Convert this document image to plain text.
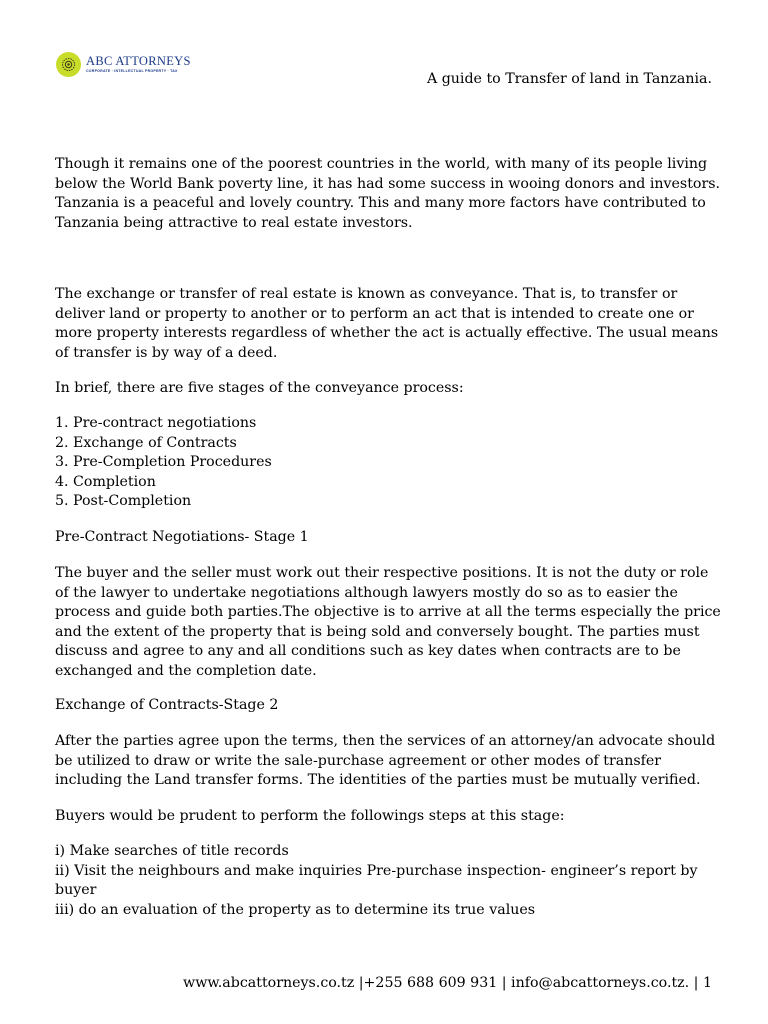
ABC ATTORNEYS
CORPORATE · INTELLECTUAL PROPERTY · TAX
A guide to Transfer of land in Tanzania.
Though it remains one of the poorest countries in the world, with many of its people living
below the World Bank poverty line, it has had some success in wooing donors and investors.
Tanzania is a peaceful and lovely country. This and many more factors have contributed to
Tanzania being attractive to real estate investors.
The exchange or transfer of real estate is known as conveyance. That is, to transfer or
deliver land or property to another or to perform an act that is intended to create one or
more property interests regardless of whether the act is actually effective. The usual means
of transfer is by way of a deed.
In brief, there are five stages of the conveyance process:
1. Pre-contract negotiations
2. Exchange of Contracts
3. Pre-Completion Procedures
4. Completion
5. Post-Completion
Pre-Contract Negotiations- Stage 1
The buyer and the seller must work out their respective positions. It is not the duty or role
of the lawyer to undertake negotiations although lawyers mostly do so as to easier the
process and guide both parties.The objective is to arrive at all the terms especially the price
and the extent of the property that is being sold and conversely bought. The parties must
discuss and agree to any and all conditions such as key dates when contracts are to be
exchanged and the completion date.
Exchange of Contracts-Stage 2
After the parties agree upon the terms, then the services of an attorney/an advocate should
be utilized to draw or write the sale-purchase agreement or other modes of transfer
including the Land transfer forms. The identities of the parties must be mutually verified.
Buyers would be prudent to perform the followings steps at this stage:
i) Make searches of title records
ii) Visit the neighbours and make inquiries Pre-purchase inspection- engineer’s report by
buyer
iii) do an evaluation of the property as to determine its true values
www.abcattorneys.co.tz |+255 688 609 931 | info@abcattorneys.co.tz. | 1
